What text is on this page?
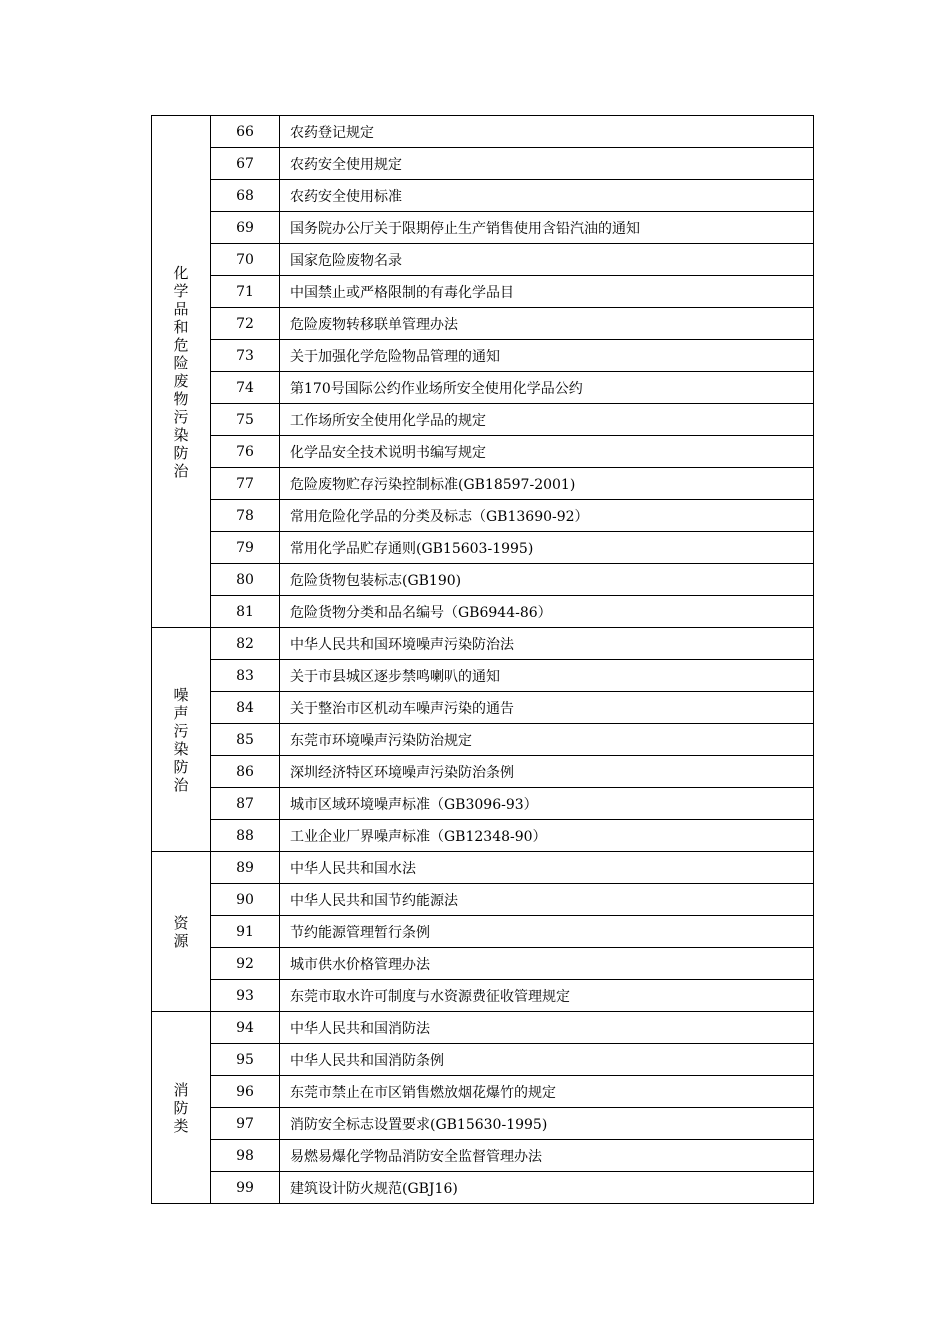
化学品和危险废物污染防治	66	农药登记规定
	67	农药安全使用规定
	68	农药安全使用标准
	69	国务院办公厅关于限期停止生产销售使用含铅汽油的通知
	70	国家危险废物名录
	71	中国禁止或严格限制的有毒化学品目
	72	危险废物转移联单管理办法
	73	关于加强化学危险物品管理的通知
	74	第170号国际公约作业场所安全使用化学品公约
	75	工作场所安全使用化学品的规定
	76	化学品安全技术说明书编写规定
	77	危险废物贮存污染控制标准(GB18597-2001)
	78	常用危险化学品的分类及标志（GB13690-92）
	79	常用化学品贮存通则(GB15603-1995)
	80	危险货物包装标志(GB190)
	81	危险货物分类和品名编号（GB6944-86）
噪声污染防治	82	中华人民共和国环境噪声污染防治法
	83	关于市县城区逐步禁鸣喇叭的通知
	84	关于整治市区机动车噪声污染的通告
	85	东莞市环境噪声污染防治规定
	86	深圳经济特区环境噪声污染防治条例
	87	城市区域环境噪声标准（GB3096-93）
	88	工业企业厂界噪声标准（GB12348-90）
资源	89	中华人民共和国水法
	90	中华人民共和国节约能源法
	91	节约能源管理暂行条例
	92	城市供水价格管理办法
	93	东莞市取水许可制度与水资源费征收管理规定
消防类	94	中华人民共和国消防法
	95	中华人民共和国消防条例
	96	东莞市禁止在市区销售燃放烟花爆竹的规定
	97	消防安全标志设置要求(GB15630-1995)
	98	易燃易爆化学物品消防安全监督管理办法
	99	建筑设计防火规范(GBJ16)
